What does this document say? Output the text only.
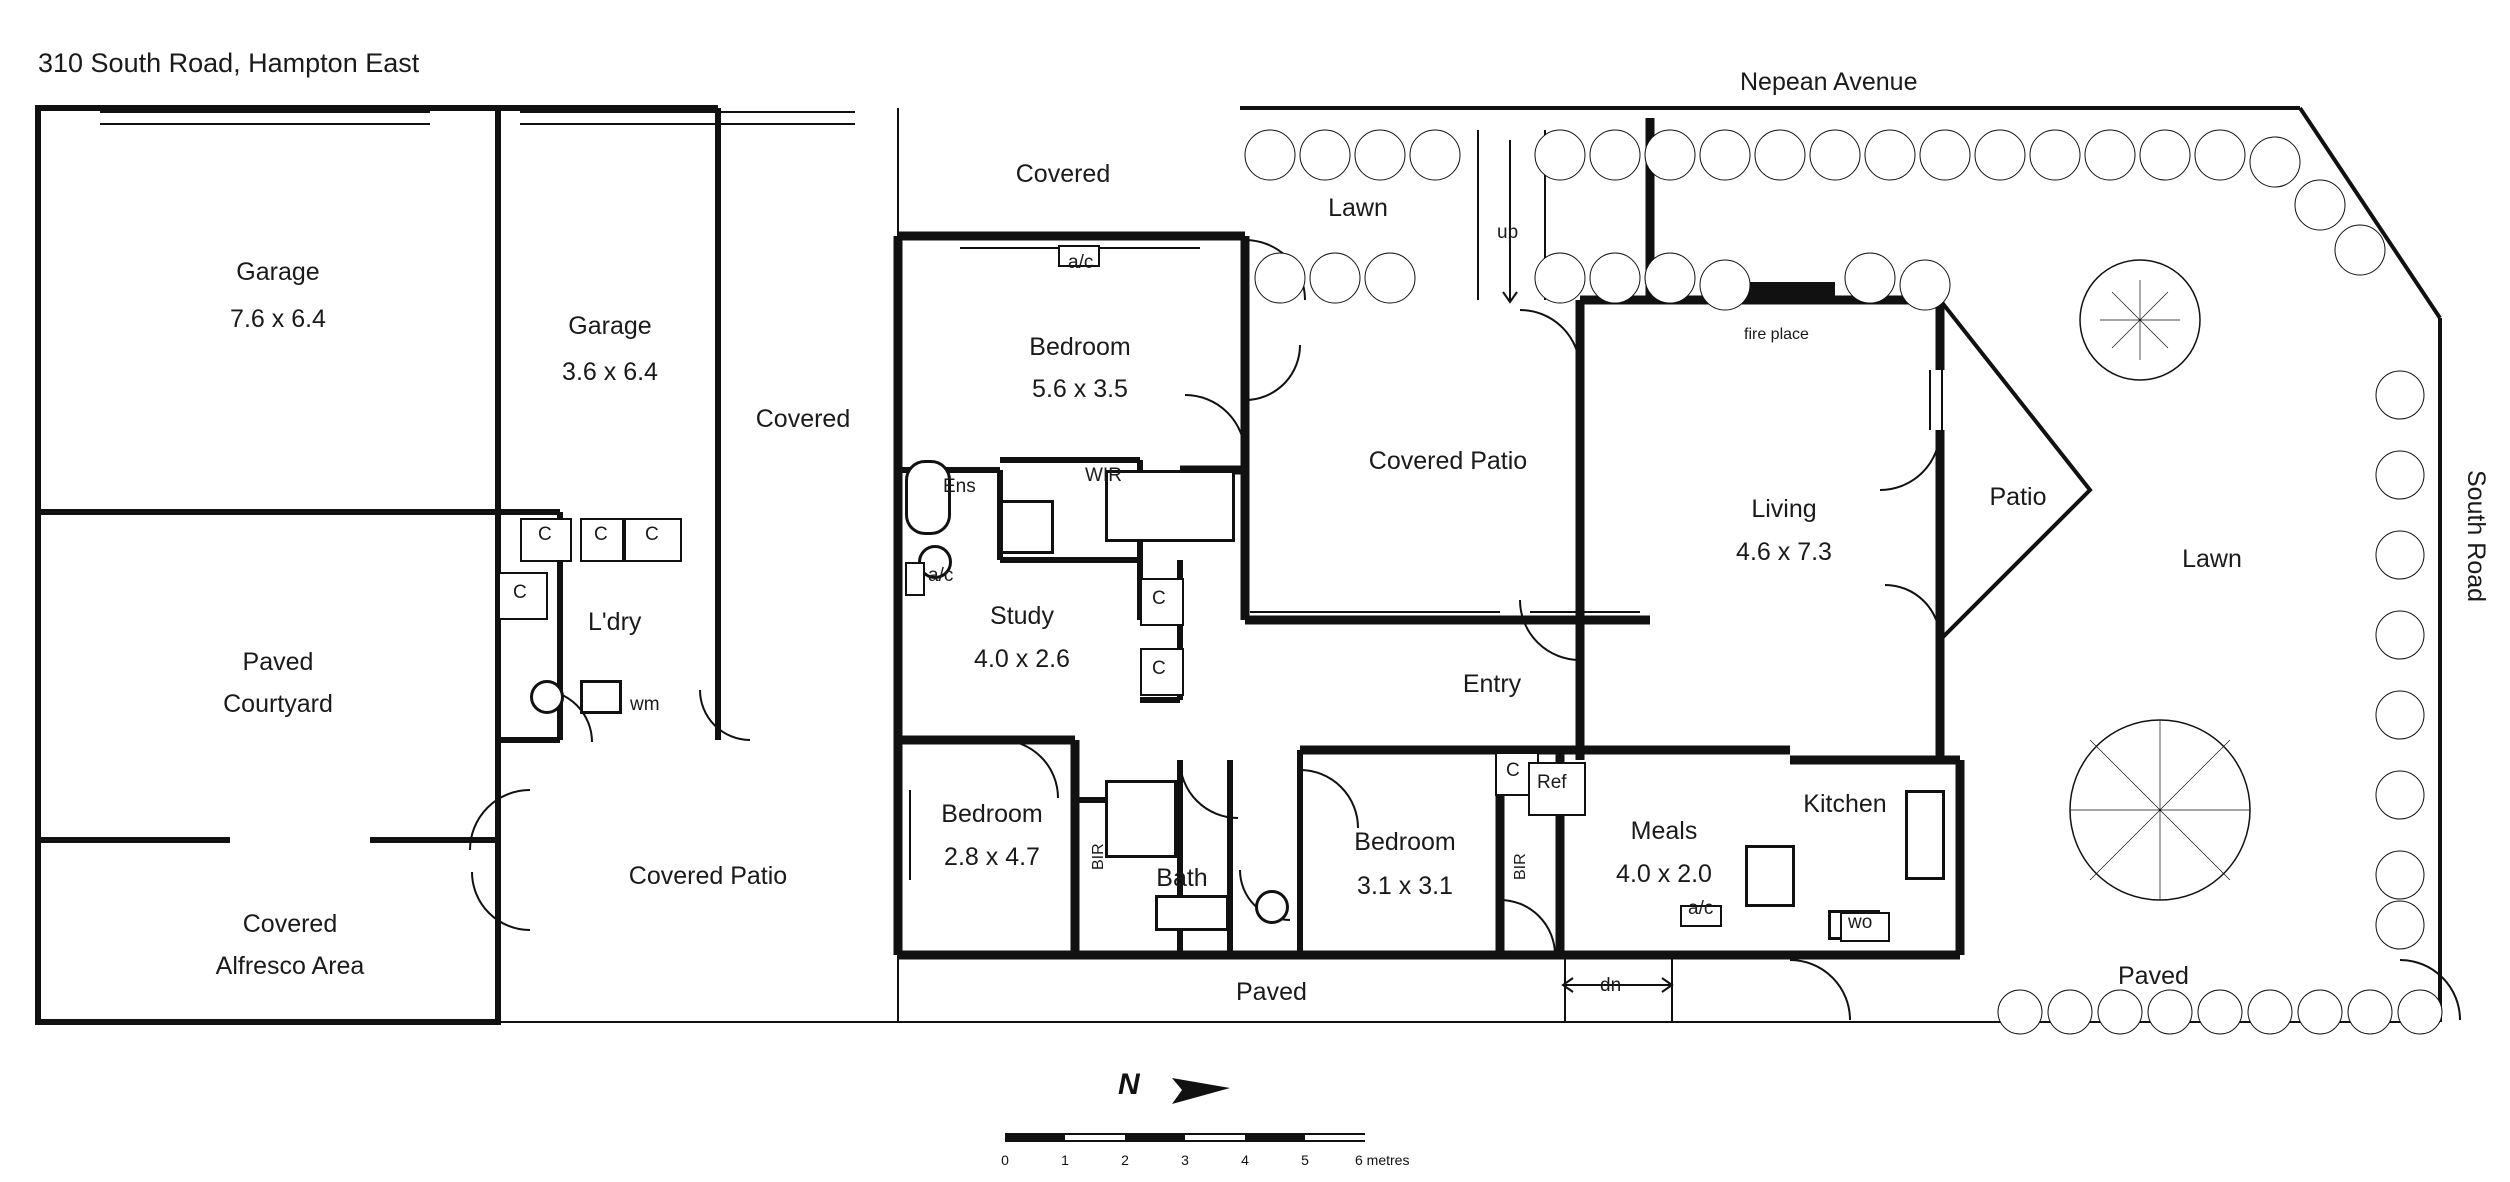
310 South Road, Hampton East
Nepean Avenue
South Road
Garage
7.6 x 6.4	Garage
3.6 x 6.4
Covered
Covered
Bedroom
5.6 x 3.5
Study
4.0 x 2.6
Bedroom
2.8 x 4.7
Bedroom
3.1 x 3.1
Meals
4.0 x 2.0
Living
4.6 x 7.3
Covered Patio
Covered Patio
Paved
Courtyard
Covered
Alfresco Area
Lawn
Lawn
Patio
Entry
Kitchen
Bath
Ens
WIR
L'dry
BIR	BIR
Ref
wm
wo
fire place
up
dn
Paved
Paved
a/c
a/c
a/c
C C C
C	C
C
C
N
0	1	2	3	4	5	6 metres
